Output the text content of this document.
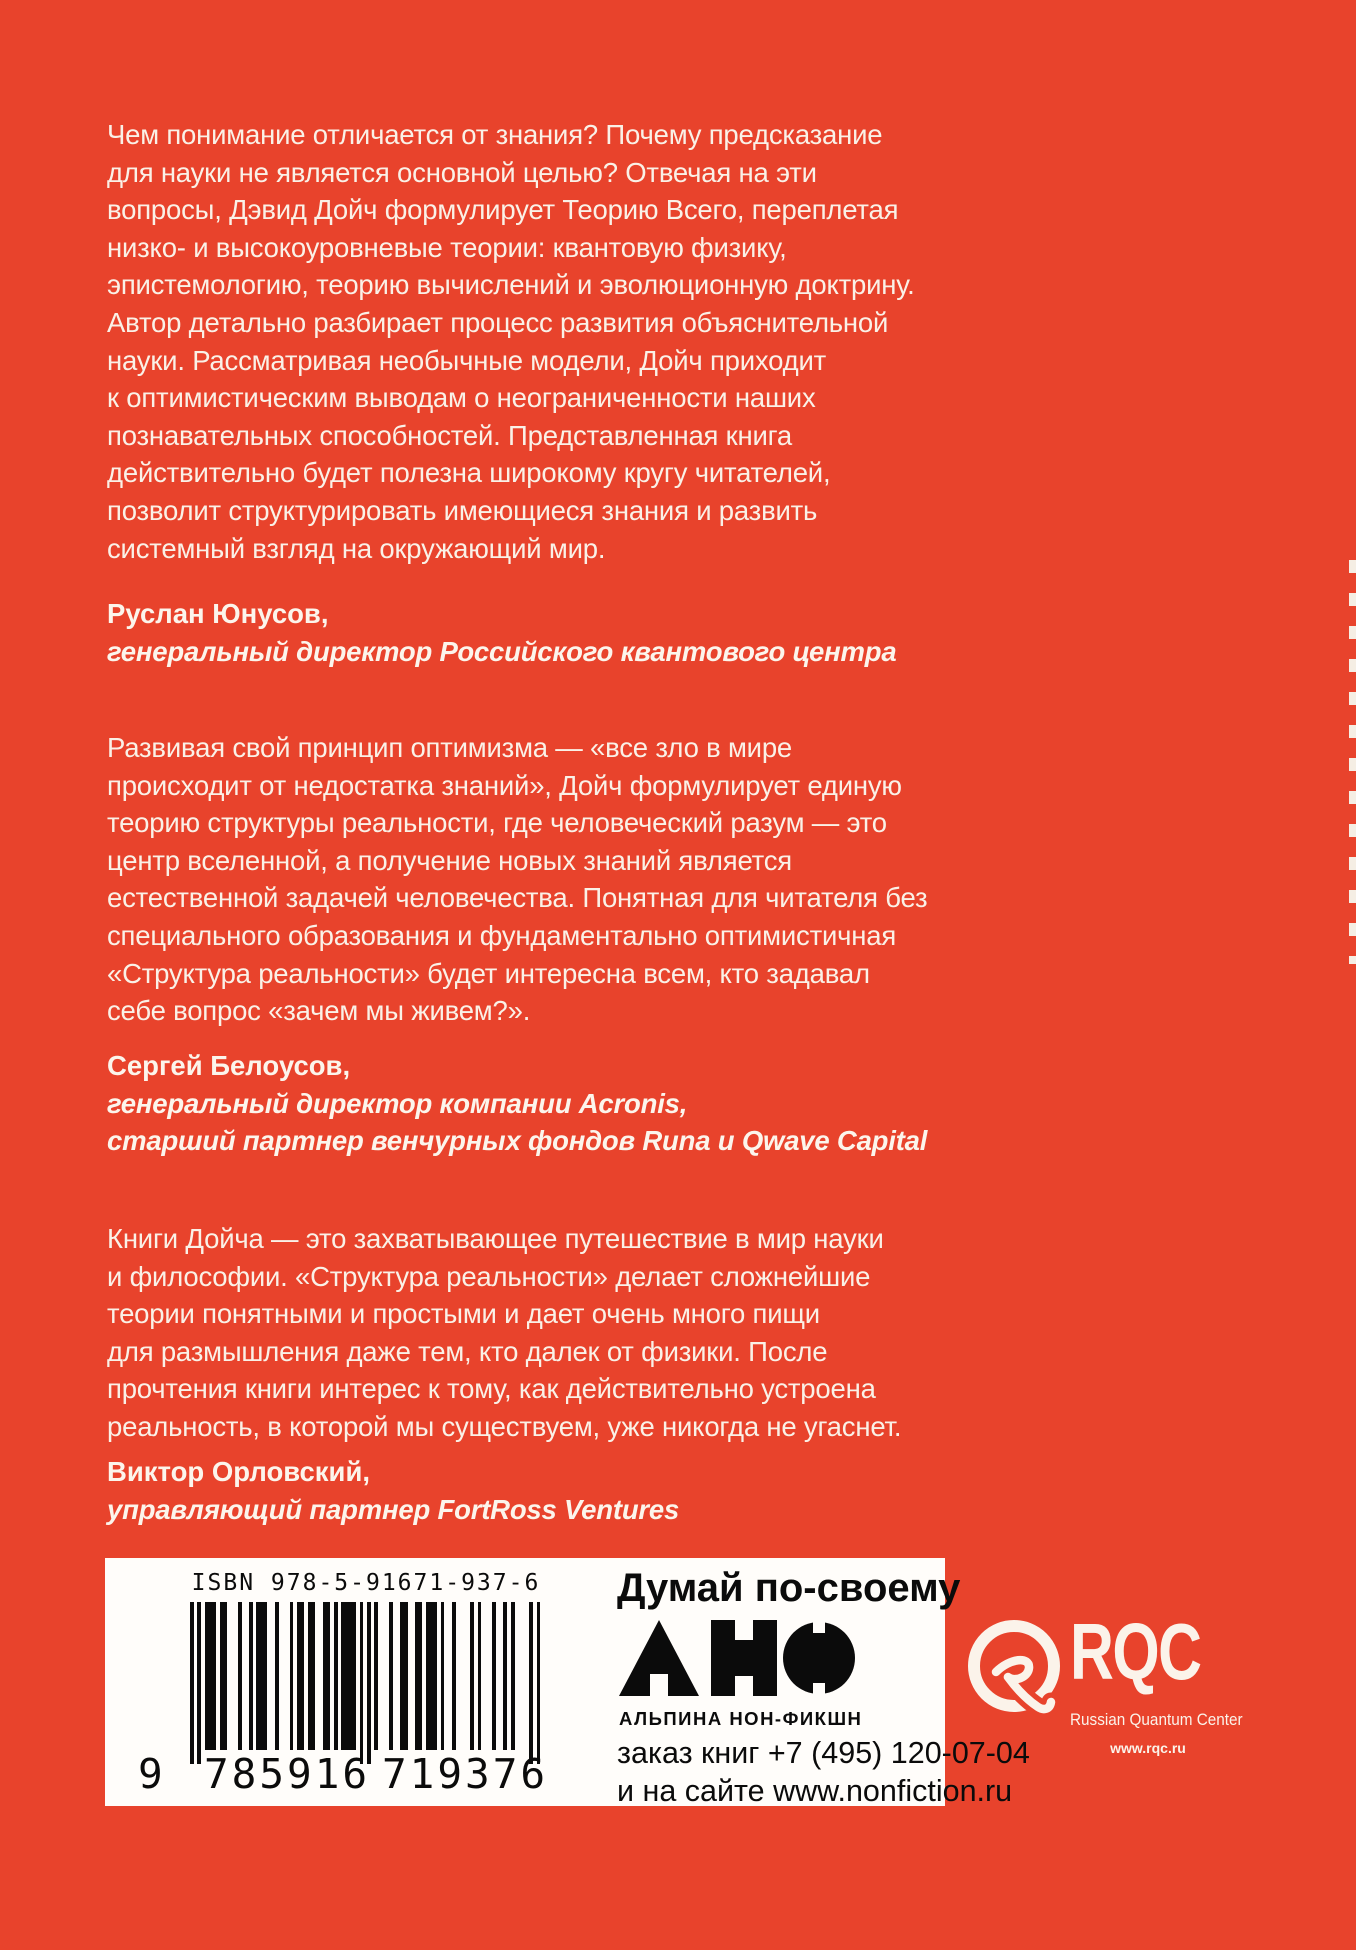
Чем понимание отличается от знания? Почему предсказание
для науки не является основной целью? Отвечая на эти
вопросы, Дэвид Дойч формулирует Теорию Всего, переплетая
низко- и высокоуровневые теории: квантовую физику,
эпистемологию, теорию вычислений и эволюционную доктрину.
Автор детально разбирает процесс развития объяснительной
науки. Рассматривая необычные модели, Дойч приходит
к оптимистическим выводам о неограниченности наших
познавательных способностей. Представленная книга
действительно будет полезна широкому кругу читателей,
позволит структурировать имеющиеся знания и развить
системный взгляд на окружающий мир.
Руслан Юнусов,
генеральный директор Российского квантового центра
Развивая свой принцип оптимизма — «все зло в мире
происходит от недостатка знаний», Дойч формулирует единую
теорию структуры реальности, где человеческий разум — это
центр вселенной, а получение новых знаний является
естественной задачей человечества. Понятная для читателя без
специального образования и фундаментально оптимистичная
«Структура реальности» будет интересна всем, кто задавал
себе вопрос «зачем мы живем?».
Сергей Белоусов,
генеральный директор компании Acronis,
старший партнер венчурных фондов Runa и Qwave Capital
Книги Дойча — это захватывающее путешествие в мир науки
и философии. «Структура реальности» делает сложнейшие
теории понятными и простыми и дает очень много пищи
для размышления даже тем, кто далек от физики. После
прочтения книги интерес к тому, как действительно устроена
реальность, в которой мы существуем, уже никогда не угаснет.
Виктор Орловский,
управляющий партнер FortRoss Ventures
ISBN 978-5-91671-937-6
9 785916 719376
Думай по-своему
АЛЬПИНА НОН-ФИКШН
заказ книг +7 (495) 120-07-04
и на сайте www.nonfiction.ru
RQC
Russian Quantum Center
www.rqc.ru
